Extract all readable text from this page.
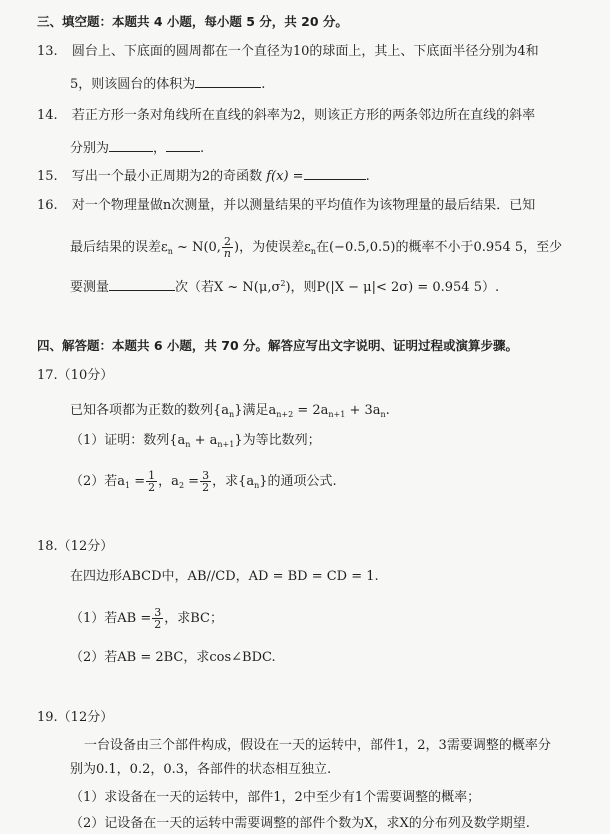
三、填空题：本题共 4 小题，每小题 5 分，共 20 分。
13. 圆台上、下底面的圆周都在一个直径为10的球面上，其上、下底面半径分别为4和
5，则该圆台的体积为	.
14. 若正方形一条对角线所在直线的斜率为2，则该正方形的两条邻边所在直线的斜率
分别为	，	.
15. 写出一个最小正周期为2的奇函数 f(x) =	.
16. 对一个物理量做n次测量，并以测量结果的平均值作为该物理量的最后结果．已知
最后结果的误差$\varepsilon_n$ ~ N(0, $\frac{2}{n}$ )，为使误差$\varepsilon_n$在(−0.5,0.5)的概率不小于0.954 5，至少
要测量	次（若X ~ $N(\mu,\sigma^2)$，则P(|X − μ|< 2σ) = 0.954 5）.
四、解答题：本题共 6 小题，共 70 分。解答应写出文字说明、证明过程或演算步骤。
17.（10分）
已知各项都为正数的数列$\{a_n\}$满足$a_{n+2} = 2a_{n+1} + 3a_n$.
（1）证明：数列$\{a_n + a_{n+1}\}$为等比数列；
（2）若$a_1 = \frac{1}{2}$ ，$a_2 = \frac{3}{2}$ ，求$\{a_n\}$的通项公式.
18.（12分）
在四边形ABCD中，AB//CD，AD = BD = CD = 1.
（1）若AB = $\frac{3}{2}$ ，求BC；
（2）若AB = 2BC，求cos∠BDC.
19.（12分）
一台设备由三个部件构成，假设在一天的运转中，部件1，2，3需要调整的概率分
别为0.1，0.2，0.3，各部件的状态相互独立.
（1）求设备在一天的运转中，部件1，2中至少有1个需要调整的概率；
（2）记设备在一天的运转中需要调整的部件个数为X，求X的分布列及数学期望.
